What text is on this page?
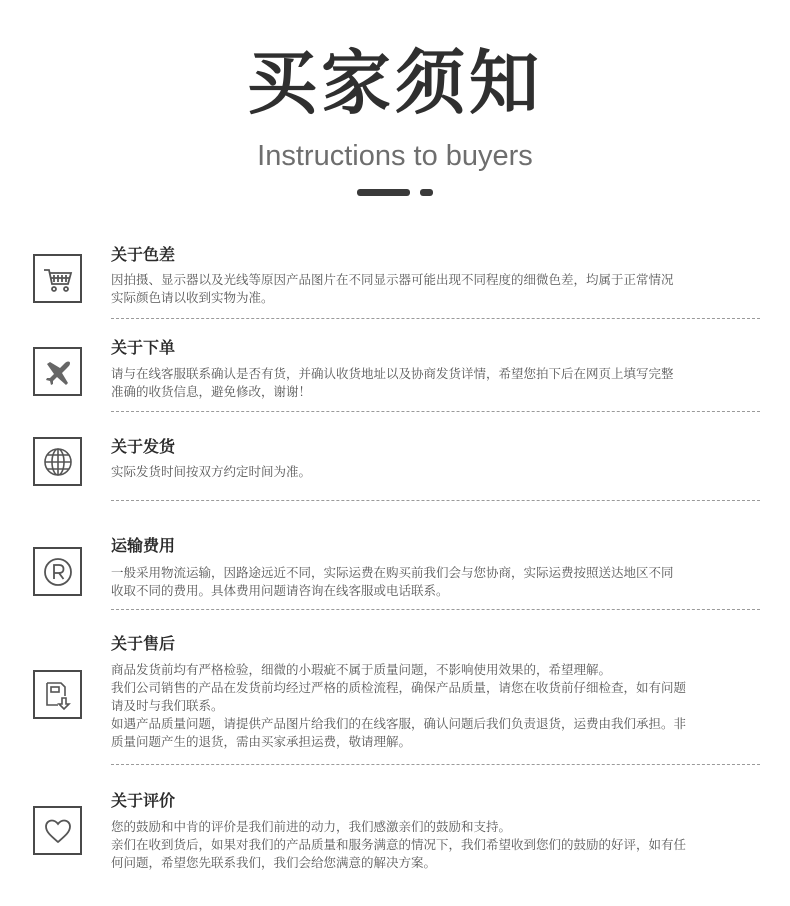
买家须知
Instructions to buyers
关于色差

因拍摄、显示器以及光线等原因产品图片在不同显示器可能出现不同程度的细微色差，均属于正常情况

实际颜色请以收到实物为准。

关于下单

请与在线客服联系确认是否有货，并确认收货地址以及协商发货详情，希望您拍下后在网页上填写完整

准确的收货信息，避免修改，谢谢！

关于发货

实际发货时间按双方约定时间为准。

运输费用

一般采用物流运输，因路途远近不同，实际运费在购买前我们会与您协商，实际运费按照送达地区不同

收取不同的费用。具体费用问题请咨询在线客服或电话联系。

关于售后

商品发货前均有严格检验，细微的小瑕疵不属于质量问题，不影响使用效果的，希望理解。

我们公司销售的产品在发货前均经过严格的质检流程，确保产品质量，请您在收货前仔细检查，如有问题

请及时与我们联系。

如遇产品质量问题，请提供产品图片给我们的在线客服，确认问题后我们负责退货，运费由我们承担。非

质量问题产生的退货，需由买家承担运费，敬请理解。

关于评价

您的鼓励和中肯的评价是我们前进的动力，我们感激亲们的鼓励和支持。

亲们在收到货后，如果对我们的产品质量和服务满意的情况下，我们希望收到您们的鼓励的好评，如有任

何问题，希望您先联系我们，我们会给您满意的解决方案。
